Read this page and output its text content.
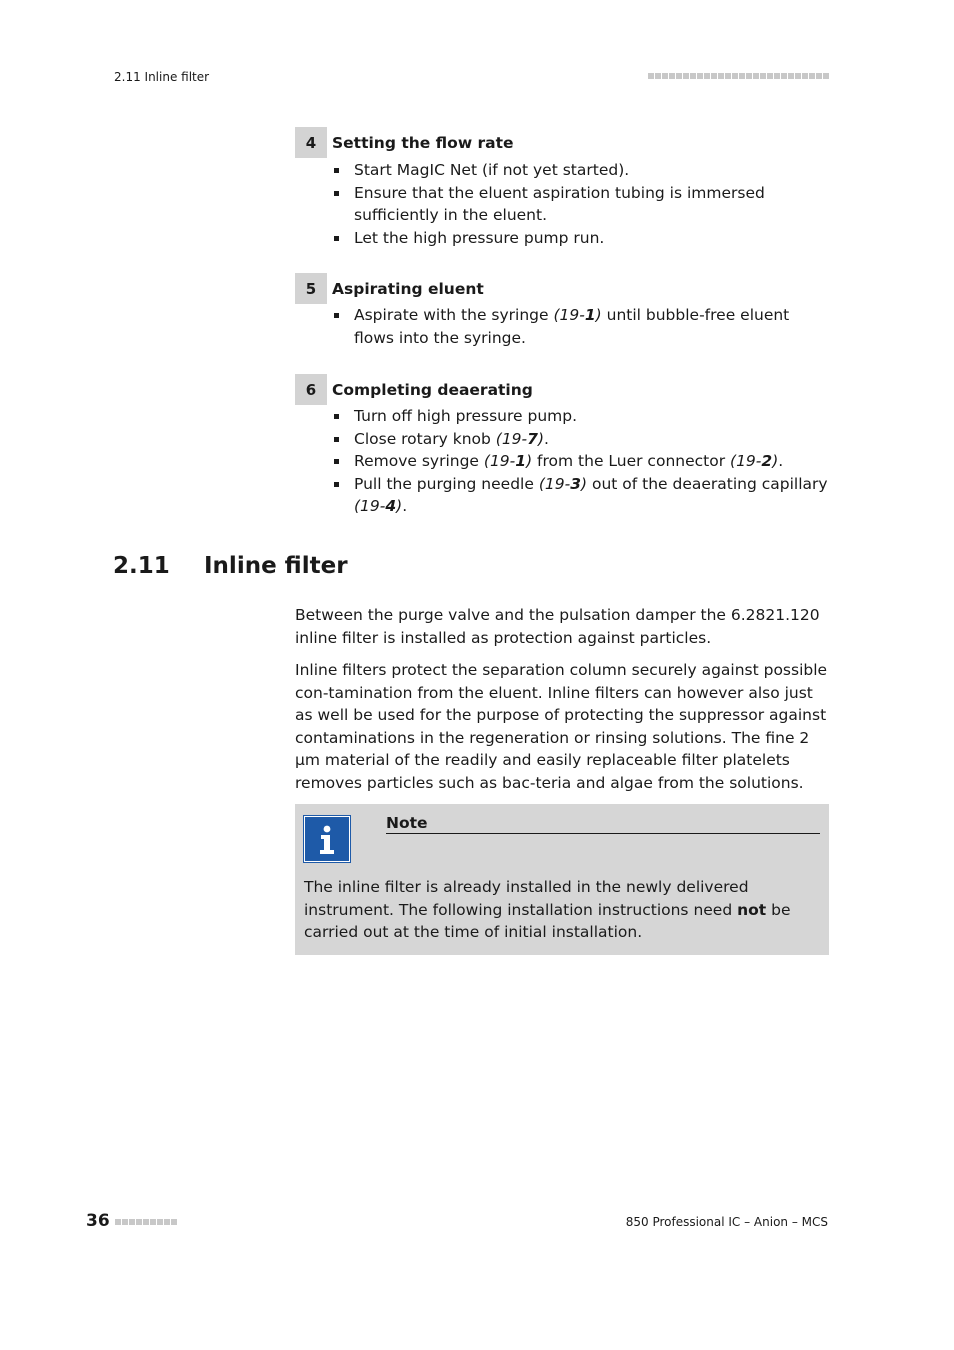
2.11 Inline filter
4	Setting the flow rate
Start MagIC Net (if not yet started).
Ensure that the eluent aspiration tubing is immersed sufficiently in the eluent.
Let the high pressure pump run.
5	Aspirating eluent
Aspirate with the syringe (19-1) until bubble-free eluent flows into the syringe.
6	Completing deaerating
Turn off high pressure pump.
Close rotary knob (19-7).
Remove syringe (19-1) from the Luer connector (19-2).
Pull the purging needle (19-3) out of the deaerating capillary (19-4).
2.11 Inline filter

Between the purge valve and the pulsation damper the 6.2821.120 inline filter is installed as protection against particles.

Inline filters protect the separation column securely against possible con-tamination from the eluent. Inline filters can however also just as well be used for the purpose of protecting the suppressor against contaminations in the regeneration or rinsing solutions. The fine 2 µm material of the readily and easily replaceable filter platelets removes particles such as bac-teria and algae from the solutions.

Note

The inline filter is already installed in the newly delivered instrument. The following installation instructions need not be carried out at the time of initial installation.

36	850 Professional IC – Anion – MCS
